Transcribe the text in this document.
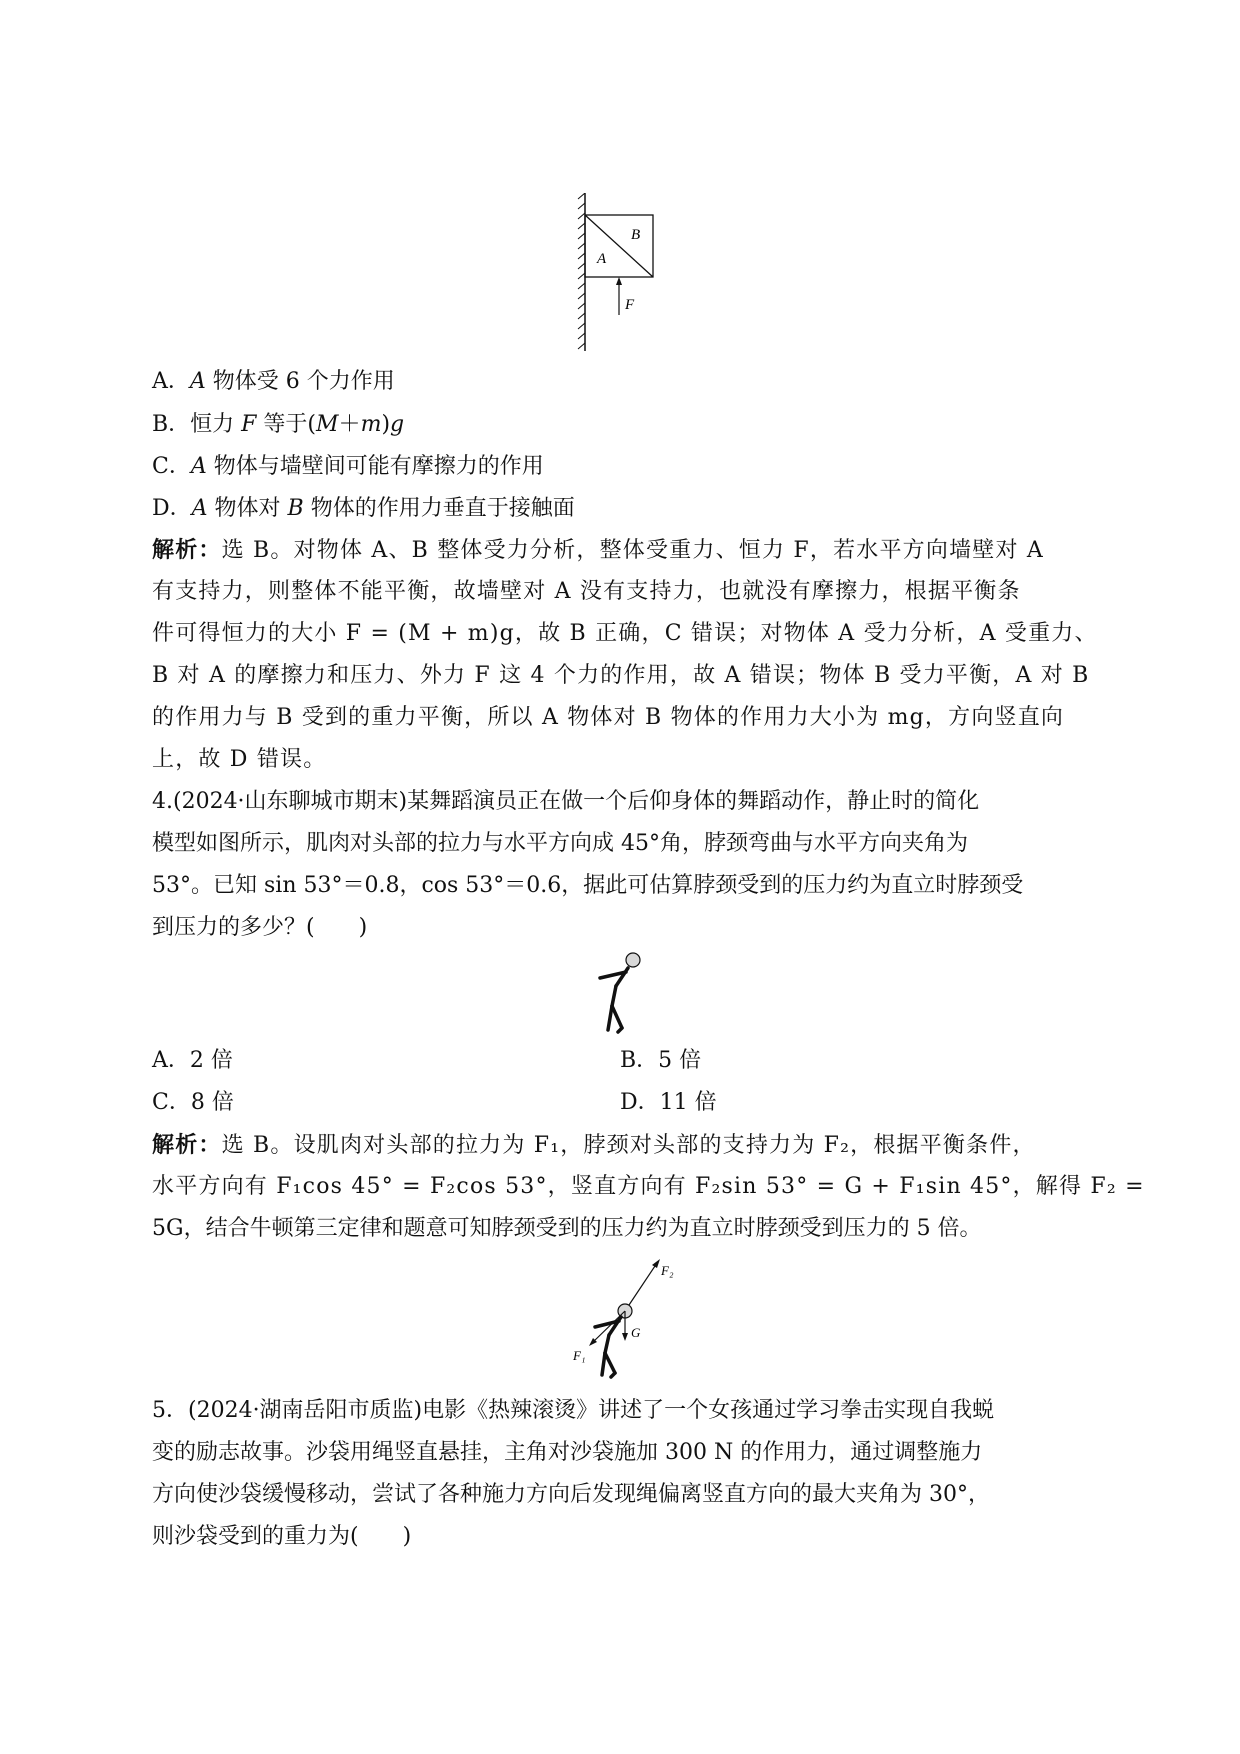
B
A
F
A．A 物体受 6 个力作用
B．恒力 F 等于(M＋m)g
C．A 物体与墙壁间可能有摩擦力的作用
D．A 物体对 B 物体的作用力垂直于接触面
解析：选 B。对物体 A、B 整体受力分析，整体受重力、恒力 F，若水平方向墙壁对 A
有支持力，则整体不能平衡，故墙壁对 A 没有支持力，也就没有摩擦力，根据平衡条
件可得恒力的大小 F = (M + m)g，故 B 正确，C 错误；对物体 A 受力分析，A 受重力、
B 对 A 的摩擦力和压力、外力 F 这 4 个力的作用，故 A 错误；物体 B 受力平衡，A 对 B
的作用力与 B 受到的重力平衡，所以 A 物体对 B 物体的作用力大小为 mg，方向竖直向
上，故 D 错误。
4.(2024·山东聊城市期末)某舞蹈演员正在做一个后仰身体的舞蹈动作，静止时的简化
模型如图所示，肌肉对头部的拉力与水平方向成 45°角，脖颈弯曲与水平方向夹角为
53°。已知 sin 53°＝0.8，cos 53°＝0.6，据此可估算脖颈受到的压力约为直立时脖颈受
到压力的多少？(　　)
A．2 倍	B．5 倍
C．8 倍	D．11 倍
解析：选 B。设肌肉对头部的拉力为 F₁，脖颈对头部的支持力为 F₂，根据平衡条件，
水平方向有 F₁cos 45° = F₂cos 53°，竖直方向有 F₂sin 53° = G + F₁sin 45°，解得 F₂ =
5G，结合牛顿第三定律和题意可知脖颈受到的压力约为直立时脖颈受到压力的 5 倍。
F₂
G
F₁
5．(2024·湖南岳阳市质监)电影《热辣滚烫》讲述了一个女孩通过学习拳击实现自我蜕
变的励志故事。沙袋用绳竖直悬挂，主角对沙袋施加 300 N 的作用力，通过调整施力
方向使沙袋缓慢移动，尝试了各种施力方向后发现绳偏离竖直方向的最大夹角为 30°，
则沙袋受到的重力为(　　)
